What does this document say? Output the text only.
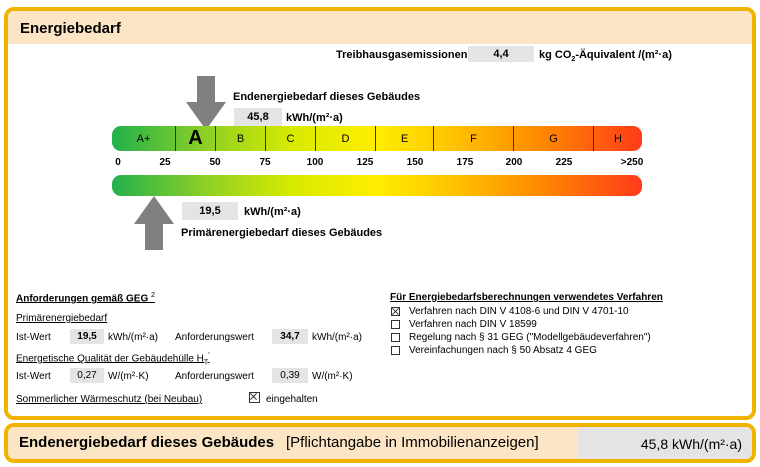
Energiebedarf
Treibhausgasemissionen	4,4	kg $CO_2$-Äquivalent /(m²·a)
Endenergiebedarf dieses Gebäudes
45,8	kWh/(m²·a)
A+	A	B	C	D	E	F	G	H
0	25	50	75	100	125	150	175	200	225	>250
19,5	kWh/(m²·a)
Primärenergiebedarf dieses Gebäudes
Anforderungen gemäß GEG $^2$
Primärenergiebedarf
Ist-Wert	19,5	kWh/(m²·a) Anforderungswert	34,7	kWh/(m²·a)
Energetische Qualität der Gebäudehülle $H_T'$
Ist-Wert	0,27	W/(m²·K)	Anforderungswert	0,39	W/(m²·K)
Sommerlicher Wärmeschutz (bei Neubau)	eingehalten
Für Energiebedarfsberechnungen verwendetes Verfahren
Verfahren nach DIN V 4108-6 und DIN V 4701-10
Verfahren nach DIN V 18599
Regelung nach § 31 GEG ("Modellgebäudeverfahren")
Vereinfachungen nach § 50 Absatz 4 GEG
Endenergiebedarf dieses Gebäudes [Pflichtangabe in Immobilienanzeigen]	45,8 kWh/(m²·a)
